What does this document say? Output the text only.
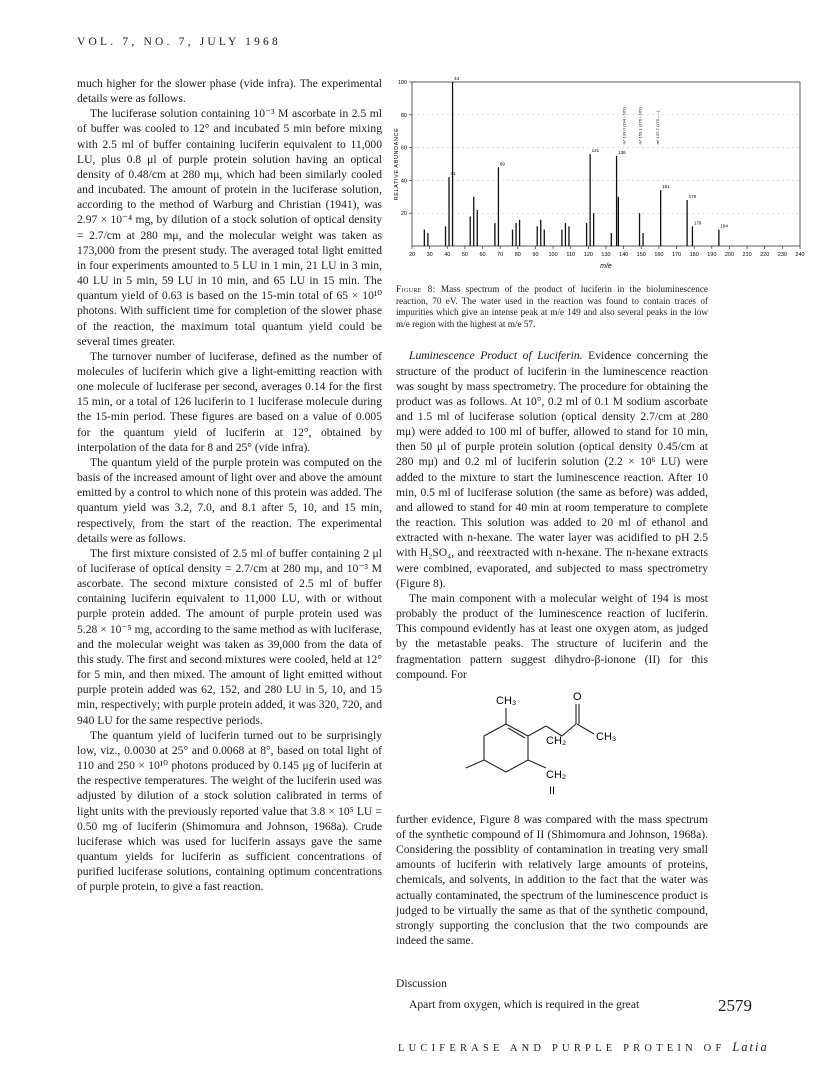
VOL. 7, NO. 7, JULY 1968

much higher for the slower phase (vide infra). The experimental details were as follows.

The luciferase solution containing 10⁻³ M ascorbate in 2.5 ml of buffer was cooled to 12° and incubated 5 min before mixing with 2.5 ml of buffer containing luciferin equivalent to 11,000 LU, plus 0.8 μl of purple protein solution having an optical density of 0.48/cm at 280 mμ, which had been similarly cooled and incubated. The amount of protein in the luciferase solution, according to the method of Warburg and Christian (1941), was 2.97 × 10⁻⁴ mg, by dilution of a stock solution of optical density = 2.7/cm at 280 mμ, and the molecular weight was taken as 173,000 from the present study. The averaged total light emitted in four experiments amounted to 5 LU in 1 min, 21 LU in 3 min, 40 LU in 5 min, 59 LU in 10 min, and 65 LU in 15 min. The quantum yield of 0.63 is based on the 15-min total of 65 × 10¹⁰ photons. With sufficient time for completion of the slower phase of the reaction, the maximum total quantum yield could be several times greater.

The turnover number of luciferase, defined as the number of molecules of luciferin which give a light-emitting reaction with one molecule of luciferase per second, averages 0.14 for the first 15 min, or a total of 126 luciferin to 1 luciferase molecule during the 15-min period. These figures are based on a value of 0.005 for the quantum yield of luciferin at 12°, obtained by interpolation of the data for 8 and 25° (vide infra).

The quantum yield of the purple protein was computed on the basis of the increased amount of light over and above the amount emitted by a control to which none of this protein was added. The quantum yield was 3.2, 7.0, and 8.1 after 5, 10, and 15 min, respectively, from the start of the reaction. The experimental details were as follows.

The first mixture consisted of 2.5 ml of buffer containing 2 μl of luciferase of optical density = 2.7/cm at 280 mμ, and 10⁻³ M ascorbate. The second mixture consisted of 2.5 ml of buffer containing luciferin equivalent to 11,000 LU, with or without purple protein added. The amount of purple protein used was 5.28 × 10⁻⁵ mg, according to the same method as with luciferase, and the molecular weight was taken as 39,000 from the data of this study. The first and second mixtures were cooled, held at 12° for 5 min, and then mixed. The amount of light emitted without purple protein added was 62, 152, and 280 LU in 5, 10, and 15 min, respectively; with purple protein added, it was 320, 720, and 940 LU for the same respective periods.

The quantum yield of luciferin turned out to be surprisingly low, viz., 0.0030 at 25° and 0.0068 at 8°, based on total light of 110 and 250 × 10¹⁰ photons produced by 0.145 μg of luciferin at the respective temperatures. The weight of the luciferin used was adjusted by dilution of a stock solution calibrated in terms of light units with the previously reported value that 3.8 × 10⁵ LU = 0.50 mg of luciferin (Shimomura and Johnson, 1968a). Crude luciferase which was used for luciferin assays gave the same quantum yields for luciferin as sufficient concentrations of purified luciferase solutions, containing optimum concentrations of purple protein, to give a fast reaction.

100
80
60
40
20
20 30 40 50 60 70 80 90 100 110 120 130 140 150 160 170 180 190 200 210 220 230 240
RELATIVE ABUNDANCE
m/e
41
43
69
121	136
161
176
179
194
m* 133.0 (194→161)	m* 159.1 (176→161)	m* 137.7 (179→...)
Figure 8: Mass spectrum of the product of luciferin in the bioluminescence reaction, 70 eV. The water used in the reaction was found to contain traces of impurities which give an intense peak at m/e 149 and also several peaks in the low m/e region with the highest at m/e 57.

Luminescence Product of Luciferin. Evidence concerning the structure of the product of luciferin in the luminescence reaction was sought by mass spectrometry. The procedure for obtaining the product was as follows. At 10°, 0.2 ml of 0.1 M sodium ascorbate and 1.5 ml of luciferase solution (optical density 2.7/cm at 280 mμ) were added to 100 ml of buffer, allowed to stand for 10 min, then 50 μl of purple protein solution (optical density 0.45/cm at 280 mμ) and 0.2 ml of luciferin solution (2.2 × 10⁶ LU) were added to the mixture to start the luminescence reaction. After 10 min, 0.5 ml of luciferase solution (the same as before) was added, and allowed to stand for 40 min at room temperature to complete the reaction. This solution was added to 20 ml of ethanol and extracted with n-hexane. The water layer was acidified to pH 2.5 with H₂SO₄, and reextracted with n-hexane. The n-hexane extracts were combined, evaporated, and subjected to mass spectrometry (Figure 8).

The main component with a molecular weight of 194 is most probably the product of the luminescence reaction of luciferin. This compound evidently has at least one oxygen atom, as judged by the metastable peaks. The structure of luciferin and the fragmentation pattern suggest dihydro-β-ionone (II) for this compound. For

CH₃	O
CH₂	CH₃
CH₂
II

further evidence, Figure 8 was compared with the mass spectrum of the synthetic compound of II (Shimomura and Johnson, 1968a). Considering the possiblity of contamination in treating very small amounts of luciferin with relatively large amounts of proteins, chemicals, and solvents, in addition to the fact that the water was actually contaminated, the spectrum of the luminescence product is judged to be virtually the same as that of the synthetic compound, strongly supporting the conclusion that the two compounds are indeed the same.

Discussion

Apart from oxygen, which is required in the great	2579
LUCIFERASE AND PURPLE PROTEIN OF Latia
